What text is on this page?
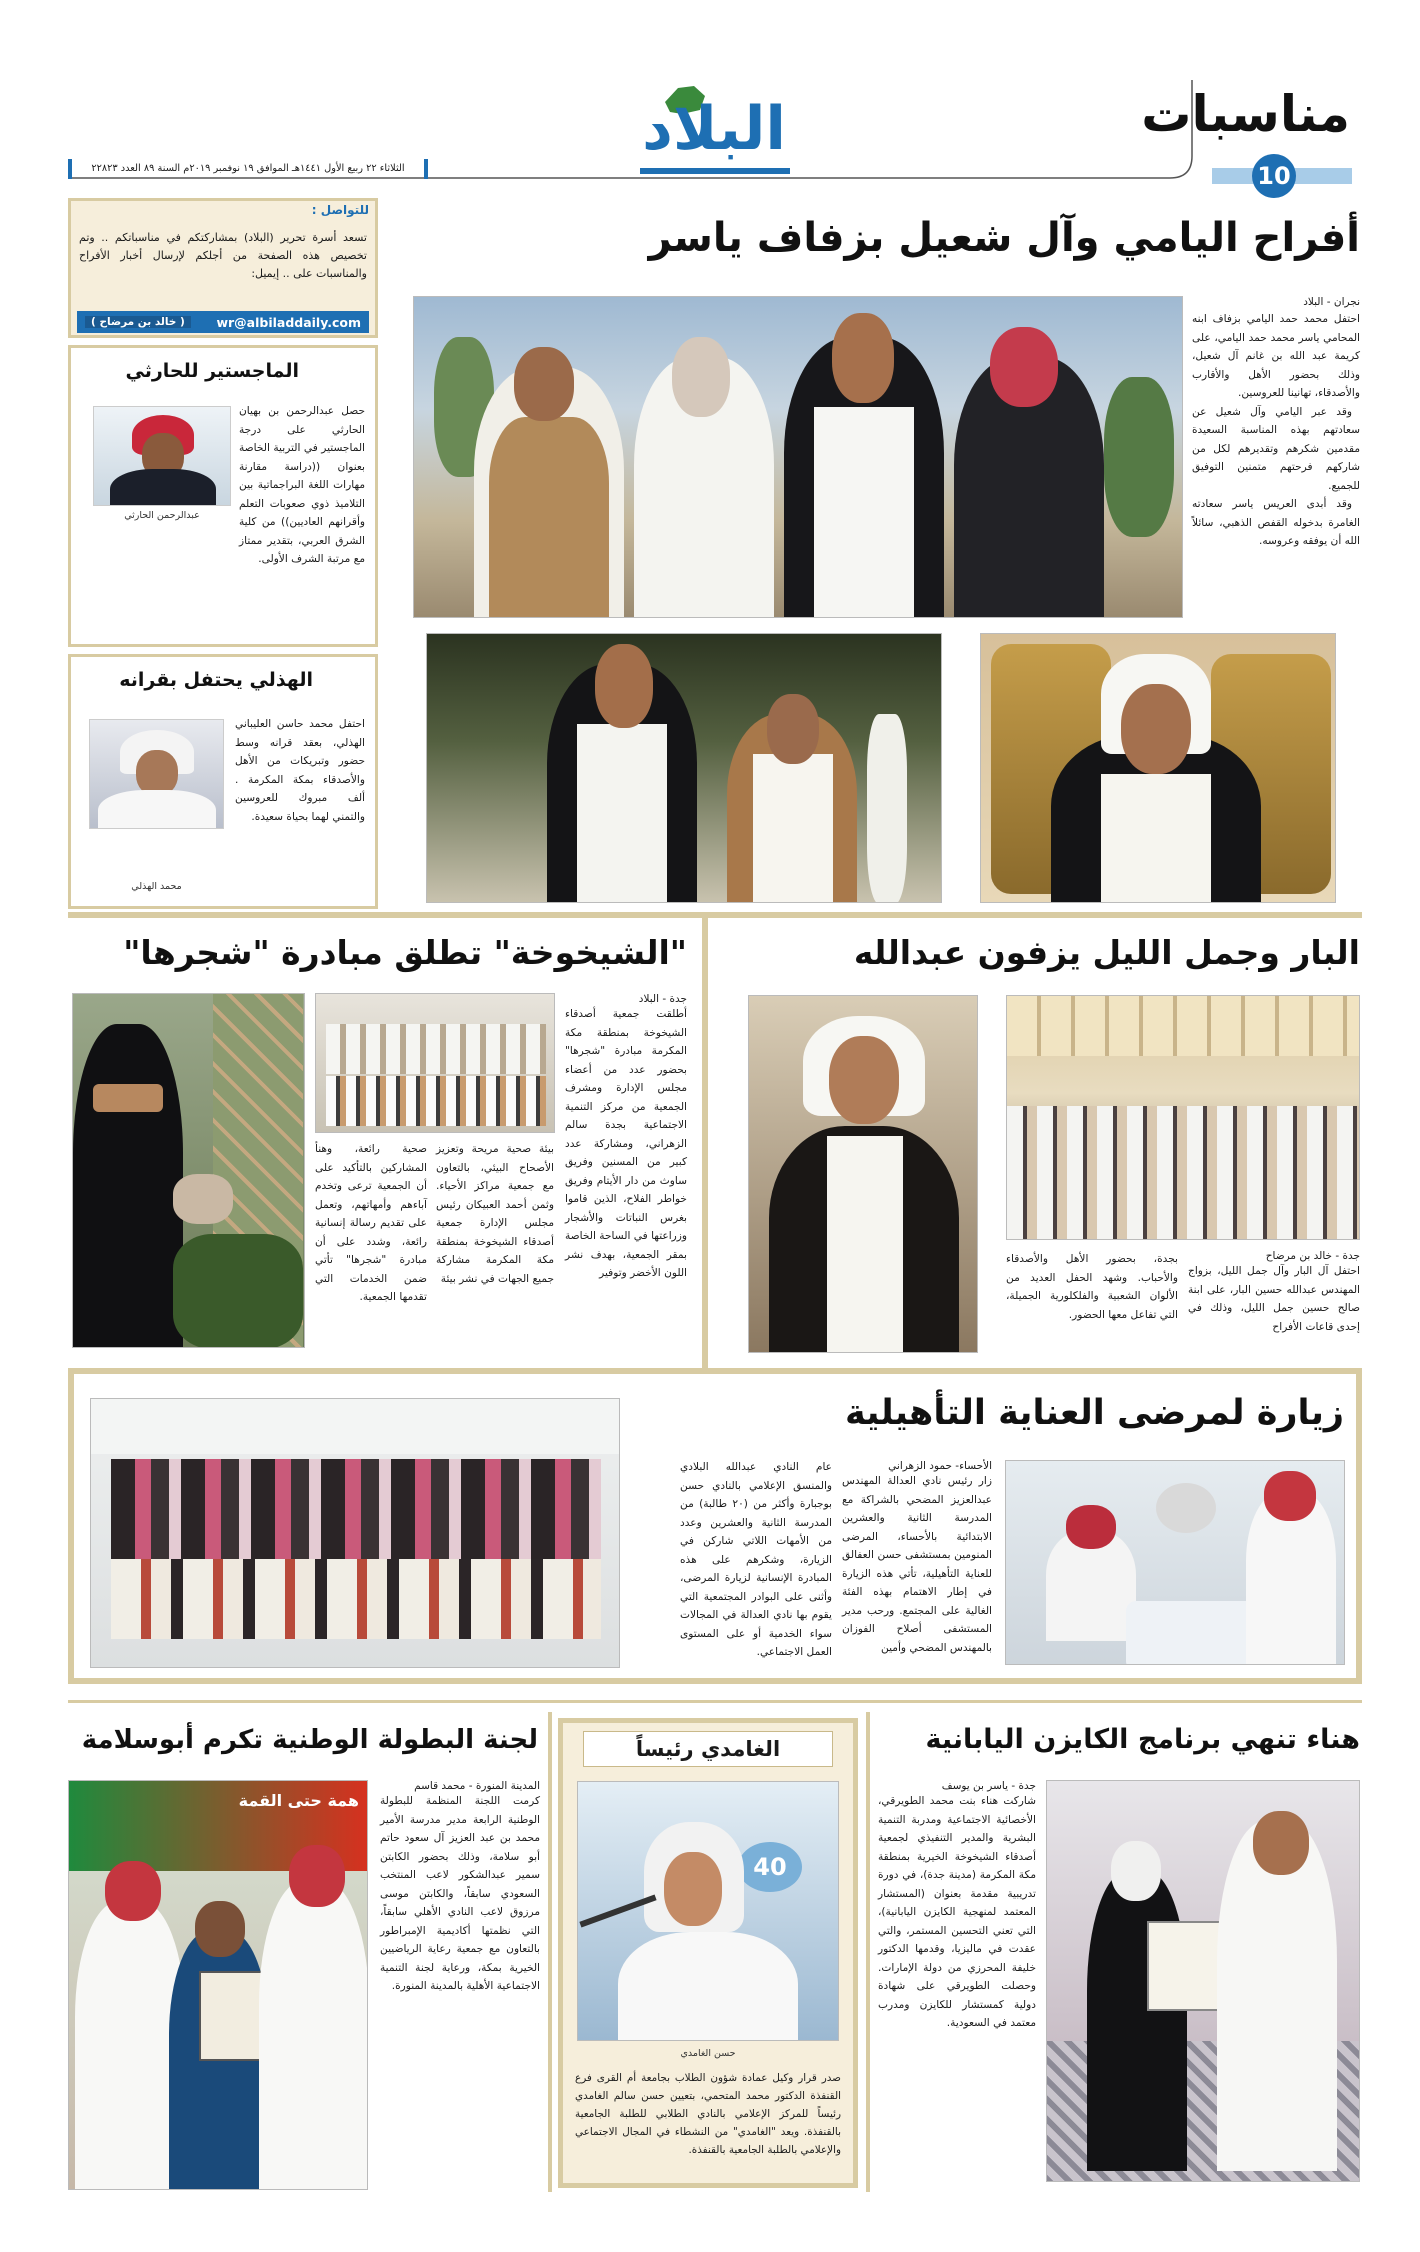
مناسبات
10
البلاد
الثلاثاء ٢٢ ربيع الأول ١٤٤١هـ الموافق ١٩ نوفمبر ٢٠١٩م السنة ٨٩ العدد ٢٢٨٢٣
للتواصل :
تسعد أسرة تحرير (البلاد) بمشاركتكم في مناسباتكم .. وتم تخصيص هذه الصفحة من أجلكم لإرسال أخبار الأفراح والمناسبات على .. إيميل:
( خالد بن مرضاح )	wr@albiladdaily.com
الماجستير للحارثي
عبدالرحمن الحارثي
حصل عبدالرحمن بن بهيان الحارثي على درجة الماجستير في التربية الخاصة بعنوان ((دراسة مقارنة مهارات اللغة البراجماتية بين التلاميذ ذوي صعوبات التعلم وأقرانهم العاديين)) من كلية الشرق العربي، بتقدير ممتاز مع مرتبة الشرف الأولى.
الهذلي يحتفل بقرانه
محمد الهذلي
احتفل محمد حاسن العليباني الهذلي، بعقد قرانه وسط حضور وتبريكات من الأهل والأصدقاء بمكة المكرمة . ألف مبروك للعروسين والتمني لهما بحياة سعيدة.
أفراح اليامي وآل شعيل بزفاف ياسر
نجران - البلاد
احتفل محمد حمد اليامي بزفاف ابنه المحامي ياسر محمد حمد اليامي، على كريمة عبد الله بن غانم آل شعيل، وذلك بحضور الأهل والأقارب والأصدقاء، تهانينا للعروسين.
وقد عبر اليامي وآل شعيل عن سعادتهم بهذه المناسبة السعيدة مقدمين شكرهم وتقديرهم لكل من شاركهم فرحتهم متمنين التوفيق للجميع.
وقد أبدى العريس ياسر سعادته الغامرة بدخوله القفص الذهبي، سائلاً الله أن يوفقه وعروسه.
"الشيخوخة" تطلق مبادرة "شجرها"
صحية رائعة، وهنأ المشاركين بالتأكيد على أن الجمعية ترعى وتخدم آباءهم وأمهاتهم، وتعمل على تقديم رسالة إنسانية رائعة، وشدد على أن مبادرة "شجرها" تأتي ضمن الخدمات التي تقدمها الجمعية.
بيئة صحية مريحة وتعزيز الأصحاح البيئي، بالتعاون مع جمعية مراكز الأحياء. وثمن أحمد العبيكان رئيس مجلس الإدارة جمعية أصدقاء الشيخوخة بمنطقة مكة المكرمة مشاركة جميع الجهات في نشر بيئة
جدة - البلاد
أطلقت جمعية أصدقاء الشيخوخة بمنطقة مكة المكرمة مبادرة "شجرها" بحضور عدد من أعضاء مجلس الإدارة ومشرف الجمعية من مركز التنمية الاجتماعية بجدة سالم الزهراني، ومشاركة عدد كبير من المسنين وفريق ساوث من دار الأيتام وفريق خواطر الفلاح، الذين قاموا بغرس النباتات والأشجار وزراعتها في الساحة الخاصة بمقر الجمعية، بهدف نشر اللون الأخضر وتوفير
البار وجمل الليل يزفون عبدالله
بجدة، بحضور الأهل والأصدقاء والأحباب. وشهد الحفل العديد من الألوان الشعبية والفلكلورية الجميلة، التي تفاعل معها الحضور.
جدة - خالد بن مرضاح
احتفل آل البار وآل جمل الليل، بزواج المهندس عبدالله حسين البار، على ابنة صالح حسين جمل الليل، وذلك في إحدى قاعات الأفراح
زيارة لمرضى العناية التأهيلية
الأحساء- حمود الزهراني
زار رئيس نادي العدالة المهندس عبدالعزيز المضحي بالشراكة مع المدرسة الثانية والعشرين الابتدائية بالأحساء، المرضى المنومين بمستشفى حسن العفالق للعناية التأهيلية، تأتي هذه الزيارة في إطار الاهتمام بهذه الفئة الغالية على المجتمع. ورحب مدير المستشفى أصلاح الفوزان بالمهندس المضحي وأمين
عام النادي عبدالله البلادي والمنسق الإعلامي بالنادي حسن بوجبارة وأكثر من (٢٠ طالبة) من المدرسة الثانية والعشرين وعدد من الأمهات اللاتي شاركن في الزيارة، وشكرهم على هذه المبادرة الإنسانية لزيارة المرضى، وأثنى على البوادر المجتمعية التي يقوم بها نادي العدالة في المجالات سواء الخدمية أو على المستوى العمل الاجتماعي.
هناء تنهي برنامج الكايزن اليابانية
جدة - ياسر بن يوسف
شاركت هناء بنت محمد الطويرقي، الأخصائية الاجتماعية ومدربة التنمية البشرية والمدير التنفيذي لجمعية أصدقاء الشيخوخة الخيرية بمنطقة مكة المكرمة (مدينة جدة)، في دورة تدريبية مقدمة بعنوان (المستشار المعتمد لمنهجية الكايزن اليابانية)، التي تعني التحسين المستمر، والتي عقدت في ماليزيا، وقدمها الدكتور خليفة المحرزي من دولة الإمارات. وحصلت الطويرقي على شهادة دولية كمستشار للكايزن ومدرب معتمد في السعودية.
الغامدي رئيساً
40
حسن الغامدي
صدر قرار وكيل عمادة شؤون الطلاب بجامعة أم القرى فرع القنفذة الدكتور محمد المتحمي، بتعيين حسن سالم الغامدي رئيساً للمركز الإعلامي بالنادي الطلابي للطلبة الجامعية بالقنفذة. ويعد "الغامدي" من النشطاء في المجال الاجتماعي والإعلامي بالطلبة الجامعية بالقنفذة.
لجنة البطولة الوطنية تكرم أبوسلامة
همة حتى القمة
المدينة المنورة - محمد قاسم
كرمت اللجنة المنظمة للبطولة الوطنية الرابعة مدير مدرسة الأمير محمد بن عبد العزيز آل سعود حاتم أبو سلامة، وذلك بحضور الكابتن سمير عبدالشكور لاعب المنتخب السعودي سابقاً، والكابتن موسى مرزوق لاعب النادي الأهلي سابقاً، التي نظمتها أكاديمية الإمبراطور بالتعاون مع جمعية رعاية الرياضيين الخيرية بمكة، ورعاية لجنة التنمية الاجتماعية الأهلية بالمدينة المنورة.
